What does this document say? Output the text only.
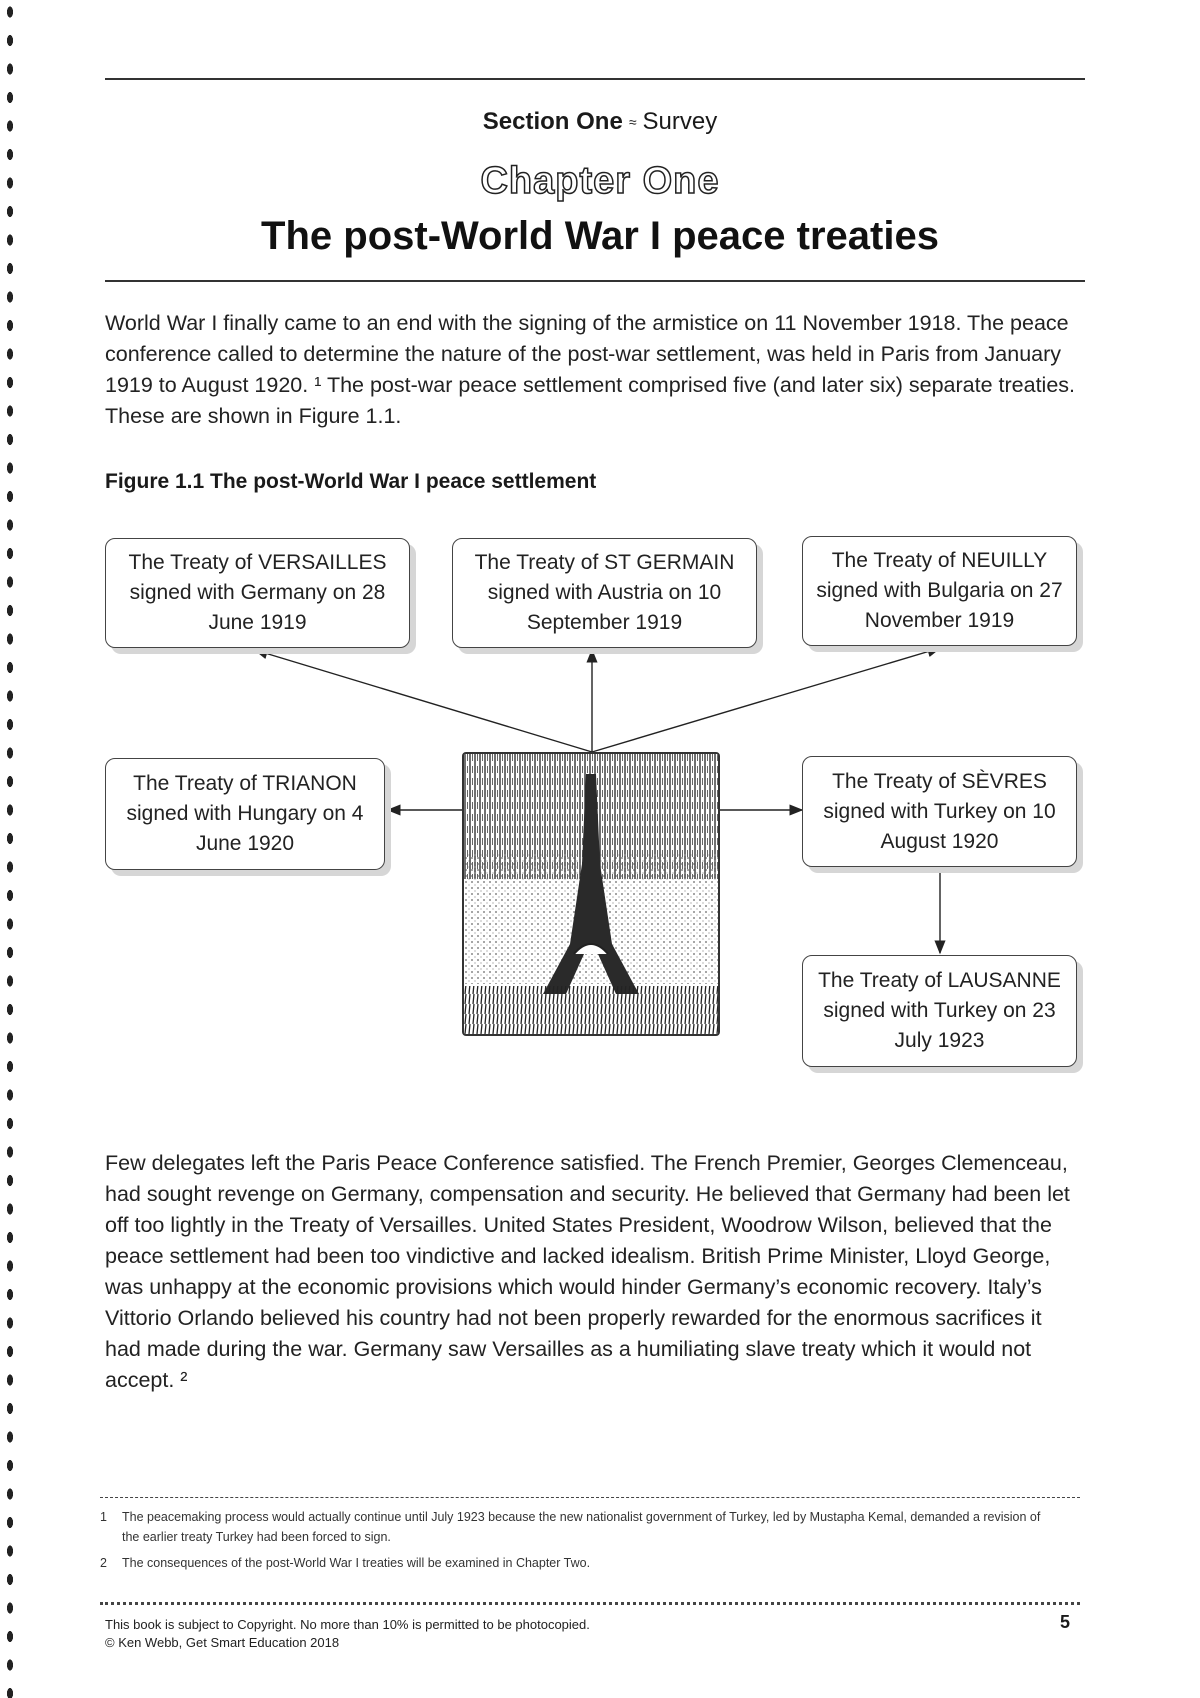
Section One ≈ Survey
Chapter One
The post-World War I peace treaties
World War I finally came to an end with the signing of the armistice on 11 November 1918. The peace conference called to determine the nature of the post-war settlement, was held in Paris from January 1919 to August 1920. ¹ The post-war peace settlement comprised five (and later six) separate treaties. These are shown in Figure 1.1.
Figure 1.1 The post-World War I peace settlement
The Treaty of VERSAILLES signed with Germany on 28 June 1919
The Treaty of ST GERMAIN signed with Austria on 10 September 1919
The Treaty of NEUILLY signed with Bulgaria on 27 November 1919
The Treaty of TRIANON signed with Hungary on 4 June 1920
The Treaty of SÈVRES signed with Turkey on 10 August 1920
The Treaty of LAUSANNE signed with Turkey on 23 July 1923
Few delegates left the Paris Peace Conference satisfied. The French Premier, Georges Clemenceau, had sought revenge on Germany, compensation and security. He believed that Germany had been let off too lightly in the Treaty of Versailles. United States President, Woodrow Wilson, believed that the peace settlement had been too vindictive and lacked idealism. British Prime Minister, Lloyd George, was unhappy at the economic provisions which would hinder Germany’s economic recovery. Italy’s Vittorio Orlando believed his country had not been properly rewarded for the enormous sacrifices it had made during the war. Germany saw Versailles as a humiliating slave treaty which it would not accept. ²
1	The peacemaking process would actually continue until July 1923 because the new nationalist government of Turkey, led by Mustapha Kemal, demanded a revision of the earlier treaty Turkey had been forced to sign.
2	The consequences of the post-World War I treaties will be examined in Chapter Two.
This book is subject to Copyright. No more than 10% is permitted to be photocopied.
© Ken Webb, Get Smart Education 2018
5
